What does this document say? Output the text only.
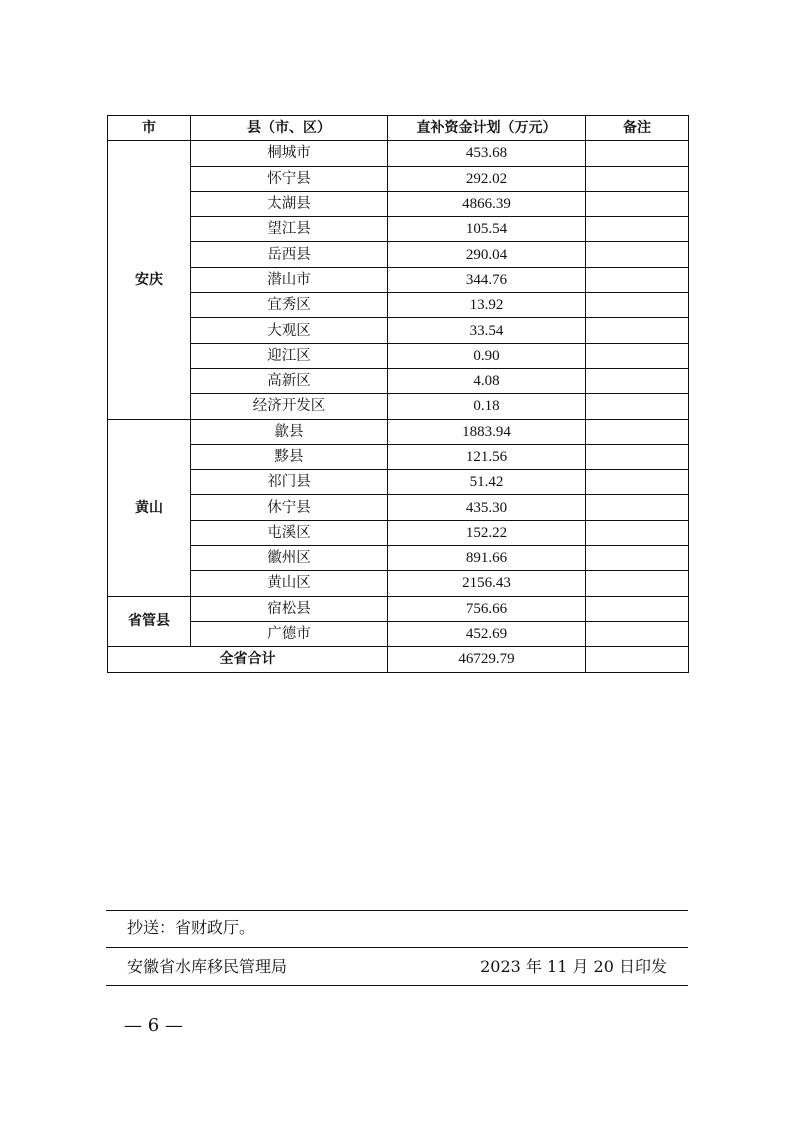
市	县（市、区）	直补资金计划（万元）	备注
安庆	桐城市	453.68	
	怀宁县	292.02	
	太湖县	4866.39	
	望江县	105.54	
	岳西县	290.04	
	潜山市	344.76	
	宜秀区	13.92	
	大观区	33.54	
	迎江区	0.90	
	高新区	4.08	
	经济开发区	0.18	
黄山	歙县	1883.94	
	黟县	121.56	
	祁门县	51.42	
	休宁县	435.30	
	屯溪区	152.22	
	徽州区	891.66	
	黄山区	2156.43	
省管县	宿松县	756.66	
	广德市	452.69	
全省合计		46729.79	
抄送：省财政厅。
安徽省水库移民管理局	2023 年 11 月 20 日印发
— 6 —
